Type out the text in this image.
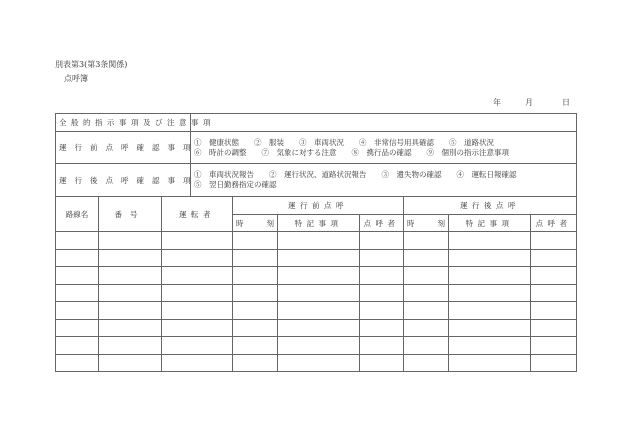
別表第3(第3条関係)
点呼簿
年	月	日
全般的指示事項及び注意事項	
運行前点呼確認事項	①　健康状態　　②　服装　　③　車両状況　　④　非常信号用具確認　　⑤　道路状況
⑥　時計の調整　　⑦　気象に対する注意　　⑧　携行品の確認　　⑨　個別の指示注意事項

運行後点呼確認事項	①　車両状況報告　　②　運行状況、道路状況報告　　③　遺失物の確認　　④　運転日報確認
⑤　翌日勤務指定の確認
路線名	番号	運転者	運行前点呼			運行後点呼		
			時 刻	特記事項	点呼者	時 刻	特記事項	点呼者
